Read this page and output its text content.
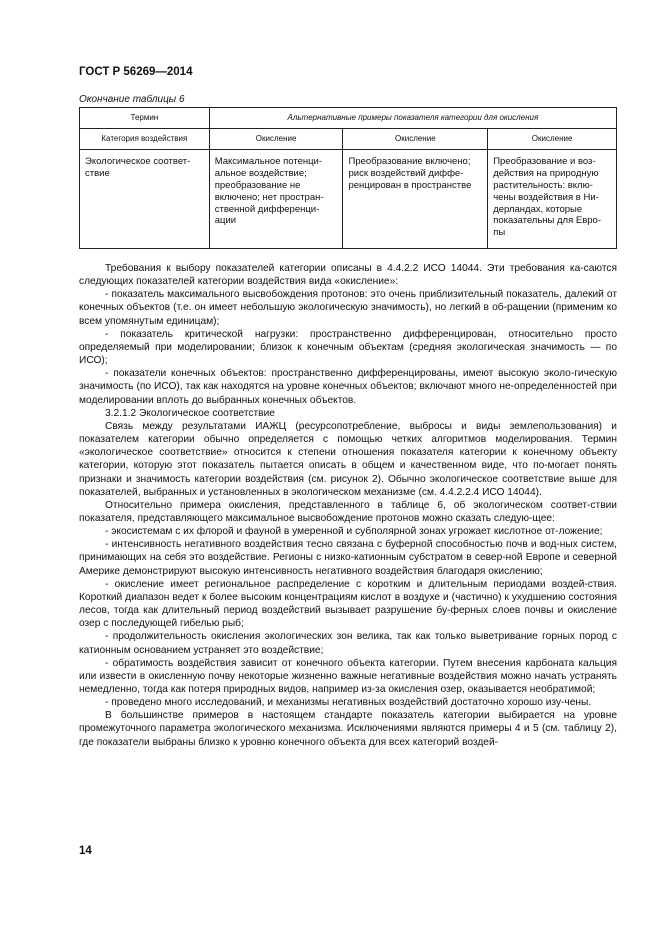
ГОСТ Р 56269—2014
Окончание таблицы 6
Термин	Альтернативные примеры показателя категории для окисления		
Категория воздействия	Окисление	Окисление	Окисление
Экологическое соответ-ствие	Максимальное потенци-альное воздействие; преобразование не включено; нет простран-ственной дифференци-ации	Преобразование включено; риск воздействий диффе-ренцирован в пространстве	Преобразование и воз-действия на природную растительность: вклю-чены воздействия в Ни-дерландах, которые показательны для Евро-пы

Требования к выбору показателей категории описаны в 4.4.2.2 ИСО 14044. Эти требования ка-саются следующих показателей категории воздействия вида «окисление»:

- показатель максимального высвобождения протонов: это очень приблизительный показатель, далекий от конечных объектов (т.е. он имеет небольшую экологическую значимость), но легкий в об-ращении (применим ко всем упомянутым единицам);

- показатель критической нагрузки: пространственно дифференцирован, относительно просто определяемый при моделировании; близок к конечным объектам (средняя экологическая значимость — по ИСО);

- показатели конечных объектов: пространственно дифференцированы, имеют высокую эколо-гическую значимость (по ИСО), так как находятся на уровне конечных объектов; включают много не-определенностей при моделировании вплоть до выбранных конечных объектов.

3.2.1.2 Экологическое соответствие

Связь между результатами ИАЖЦ (ресурсопотребление, выбросы и виды землепользования) и показателем категории обычно определяется с помощью четких алгоритмов моделирования. Термин «экологическое соответствие» относится к степени отношения показателя категории к конечному объекту категории, которую этот показатель пытается описать в общем и качественном виде, что по-могает понять признаки и значимость категории воздействия (см. рисунок 2). Обычно экологическое соответствие выше для показателей, выбранных и установленных в экологическом механизме (см. 4.4.2.2.4 ИСО 14044).

Относительно примера окисления, представленного в таблице 6, об экологическом соответ-ствии показателя, представляющего максимальное высвобождение протонов можно сказать следую-щее:

- экосистемам с их флорой и фауной в умеренной и субполярной зонах угрожает кислотное от-ложение;

- интенсивность негативного воздействия тесно связана с буферной способностью почв и вод-ных систем, принимающих на себя это воздействие. Регионы с низко-катионным субстратом в север-ной Европе и северной Америке демонстрируют высокую интенсивность негативного воздействия благодаря окислению;

- окисление имеет региональное распределение с коротким и длительным периодами воздей-ствия. Короткий диапазон ведет к более высоким концентрациям кислот в воздухе и (частично) к ухудшению состояния лесов, тогда как длительный период воздействий вызывает разрушение бу-ферных слоев почвы и окисление озер с последующей гибелью рыб;

- продолжительность окисления экологических зон велика, так как только выветривание горных пород с катионным основанием устраняет это воздействие;

- обратимость воздействия зависит от конечного объекта категории. Путем внесения карбоната кальция или извести в окисленную почву некоторые жизненно важные негативные воздействия можно начать устранять немедленно, тогда как потеря природных видов, например из-за окисления озер, оказывается необратимой;

- проведено много исследований, и механизмы негативных воздействий достаточно хорошо изу-чены.

В большинстве примеров в настоящем стандарте показатель категории выбирается на уровне промежуточного параметра экологического механизма. Исключениями являются примеры 4 и 5 (см. таблицу 2), где показатели выбраны близко к уровню конечного объекта для всех категорий воздей-

14
